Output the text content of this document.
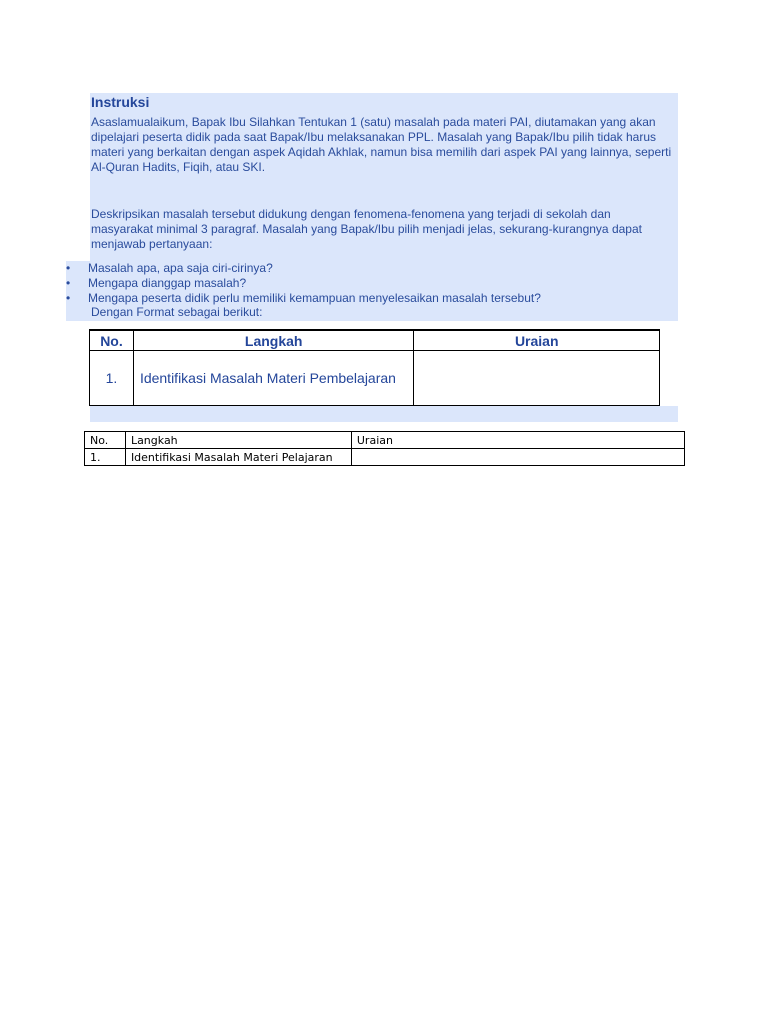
Instruksi
Asaslamualaikum, Bapak Ibu Silahkan Tentukan 1 (satu) masalah pada materi PAI, diutamakan yang akan dipelajari peserta didik pada saat Bapak/Ibu melaksanakan PPL. Masalah yang Bapak/Ibu pilih tidak harus materi yang berkaitan dengan aspek Aqidah Akhlak, namun bisa memilih dari aspek PAI yang lainnya, seperti Al-Quran Hadits, Fiqih, atau SKI.
Deskripsikan masalah tersebut didukung dengan fenomena-fenomena yang terjadi di sekolah dan masyarakat minimal 3 paragraf. Masalah yang Bapak/Ibu pilih menjadi jelas, sekurang-kurangnya dapat menjawab pertanyaan:
• Masalah apa, apa saja ciri-cirinya?
• Mengapa dianggap masalah?
• Mengapa peserta didik perlu memiliki kemampuan menyelesaikan masalah tersebut?
Dengan Format sebagai berikut:
No.	Langkah	Uraian
1.	Identifikasi Masalah Materi Pembelajaran	
No.	Langkah	Uraian
1.	Identifikasi Masalah Materi Pelajaran	
